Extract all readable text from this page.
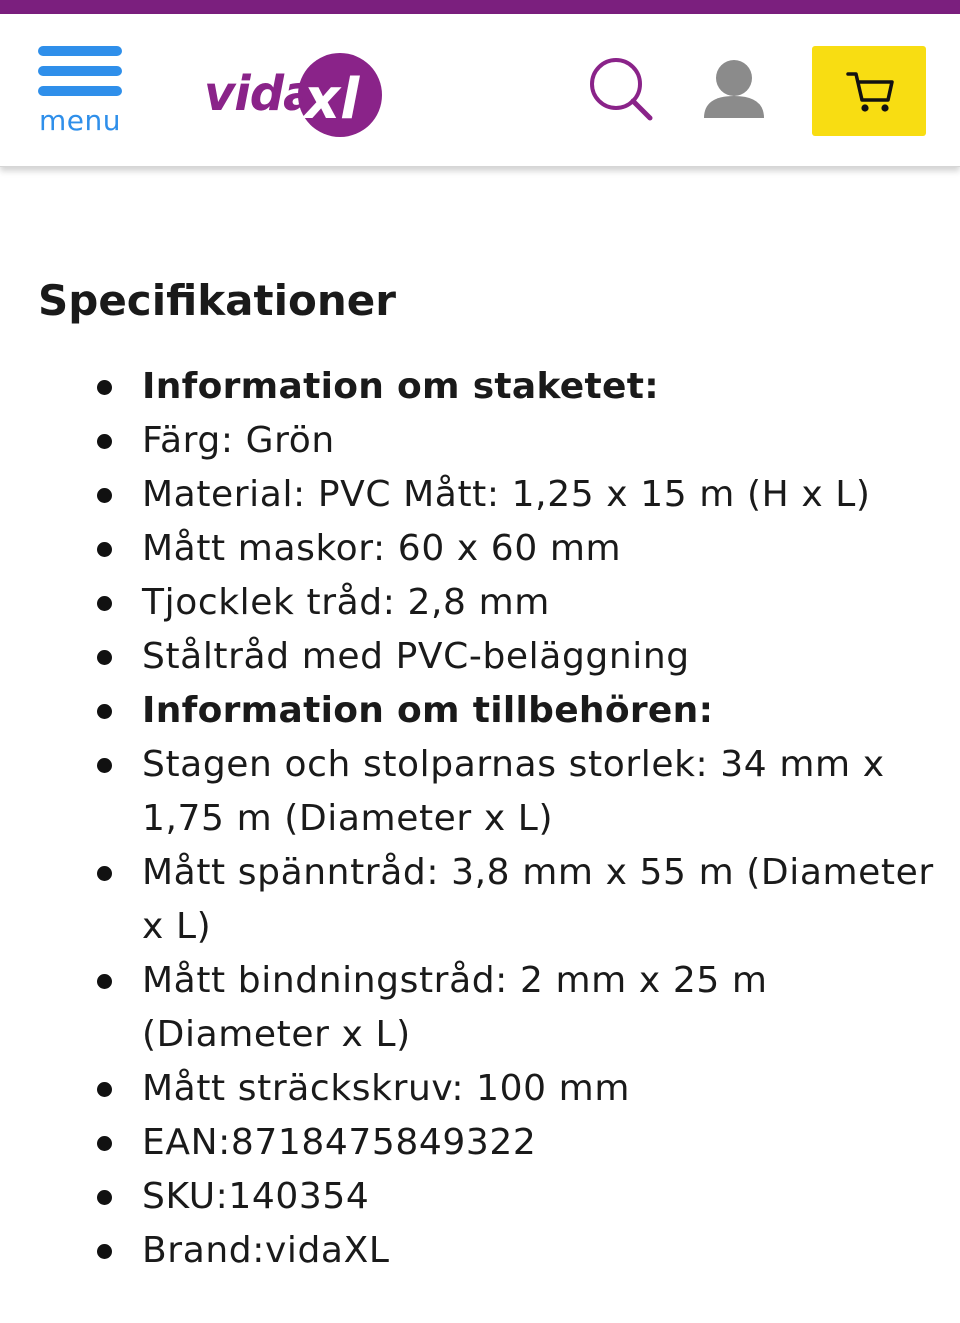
menu vida
xl
Specifikationer
Information om staketet:
Färg: Grön
Material: PVC Mått: 1,25 x 15 m (H x L)
Mått maskor: 60 x 60 mm
Tjocklek tråd: 2,8 mm
Ståltråd med PVC-beläggning
Information om tillbehören:
Stagen och stolparnas storlek: 34 mm x 1,75 m (Diameter x L)
Mått spänntråd: 3,8 mm x 55 m (Diameter x L)
Mått bindningstråd: 2 mm x 25 m (Diameter x L)
Mått sträckskruv: 100 mm
EAN:8718475849322
SKU:140354
Brand:vidaXL
